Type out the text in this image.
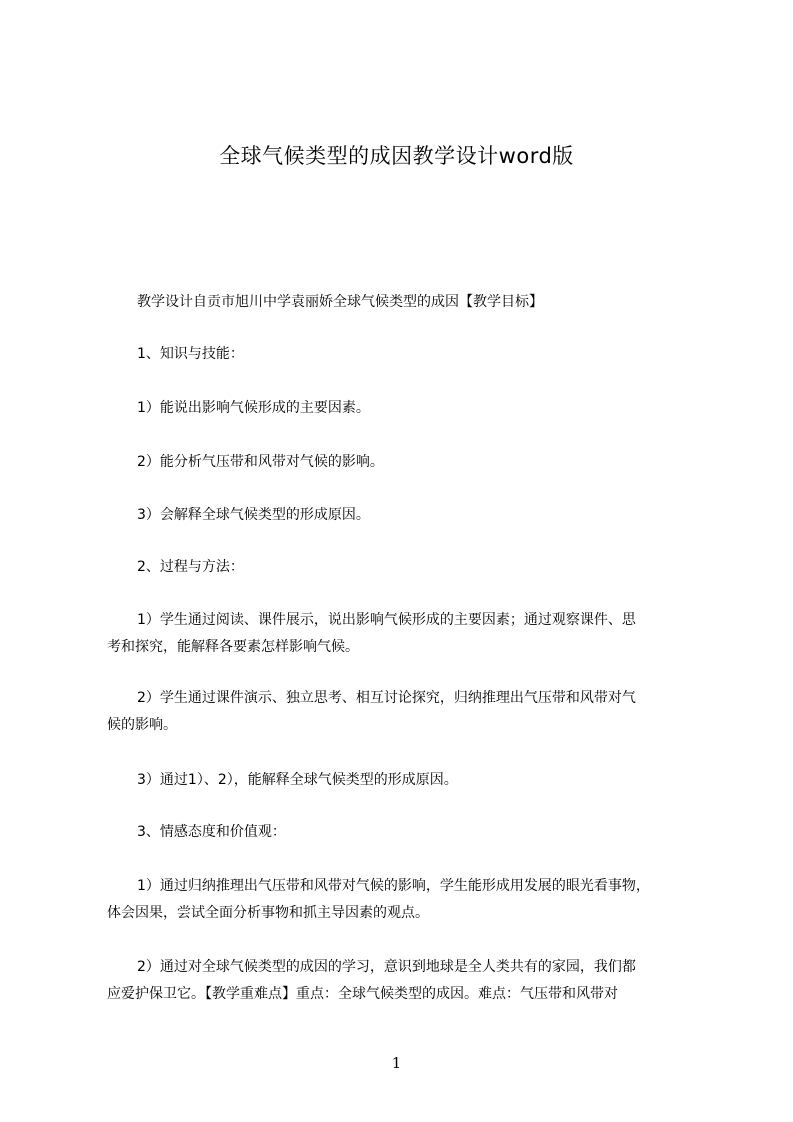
全球气候类型的成因教学设计word版
教学设计自贡市旭川中学袁丽娇全球气候类型的成因【教学目标】
1、知识与技能：
1）能说出影响气候形成的主要因素。
2）能分析气压带和风带对气候的影响。
3）会解释全球气候类型的形成原因。
2、过程与方法：
1）学生通过阅读、课件展示，说出影响气候形成的主要因素；通过观察课件、思
考和探究，能解释各要素怎样影响气候。
2）学生通过课件演示、独立思考、相互讨论探究，归纳推理出气压带和风带对气
候的影响。
3）通过1）、2），能解释全球气候类型的形成原因。
3、情感态度和价值观：
1）通过归纳推理出气压带和风带对气候的影响，学生能形成用发展的眼光看事物，
体会因果，尝试全面分析事物和抓主导因素的观点。
2）通过对全球气候类型的成因的学习，意识到地球是全人类共有的家园，我们都
应爱护保卫它。【教学重难点】重点：全球气候类型的成因。难点：气压带和风带对
1
